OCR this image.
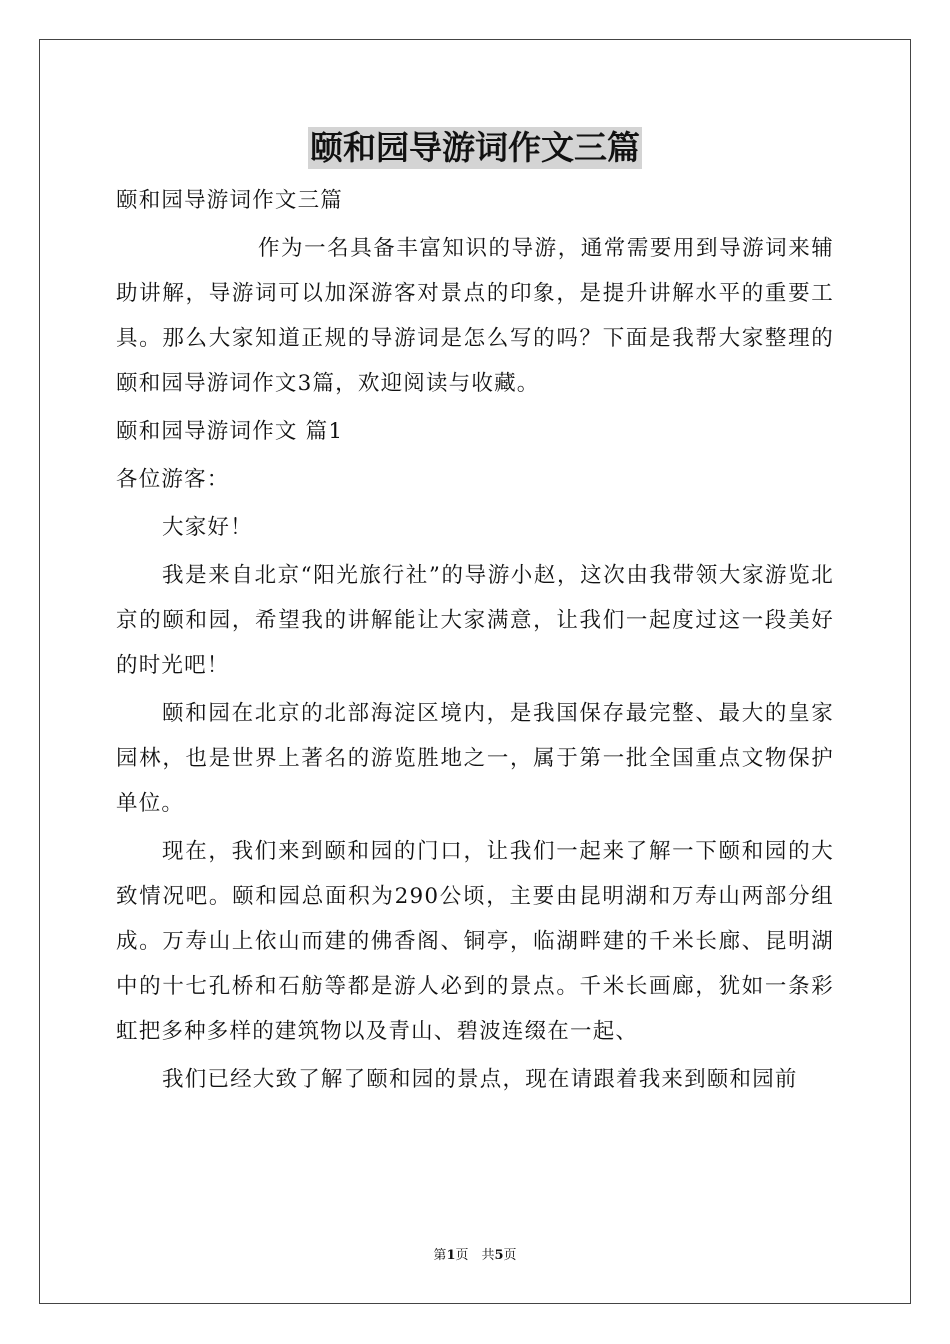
颐和园导游词作文三篇

颐和园导游词作文三篇

作为一名具备丰富知识的导游，通常需要用到导游词来辅助讲解，导游词可以加深游客对景点的印象，是提升讲解水平的重要工具。那么大家知道正规的导游词是怎么写的吗？下面是我帮大家整理的颐和园导游词作文3篇，欢迎阅读与收藏。

颐和园导游词作文 篇1

各位游客：

大家好！

我是来自北京“阳光旅行社”的导游小赵，这次由我带领大家游览北京的颐和园，希望我的讲解能让大家满意，让我们一起度过这一段美好的时光吧！

颐和园在北京的北部海淀区境内，是我国保存最完整、最大的皇家园林，也是世界上著名的游览胜地之一，属于第一批全国重点文物保护单位。

现在，我们来到颐和园的门口，让我们一起来了解一下颐和园的大致情况吧。颐和园总面积为290公顷，主要由昆明湖和万寿山两部分组成。万寿山上依山而建的佛香阁、铜亭，临湖畔建的千米长廊、昆明湖中的十七孔桥和石舫等都是游人必到的景点。千米长画廊，犹如一条彩虹把多种多样的建筑物以及青山、碧波连缀在一起、

我们已经大致了解了颐和园的景点，现在请跟着我来到颐和园前

第1页　共5页
